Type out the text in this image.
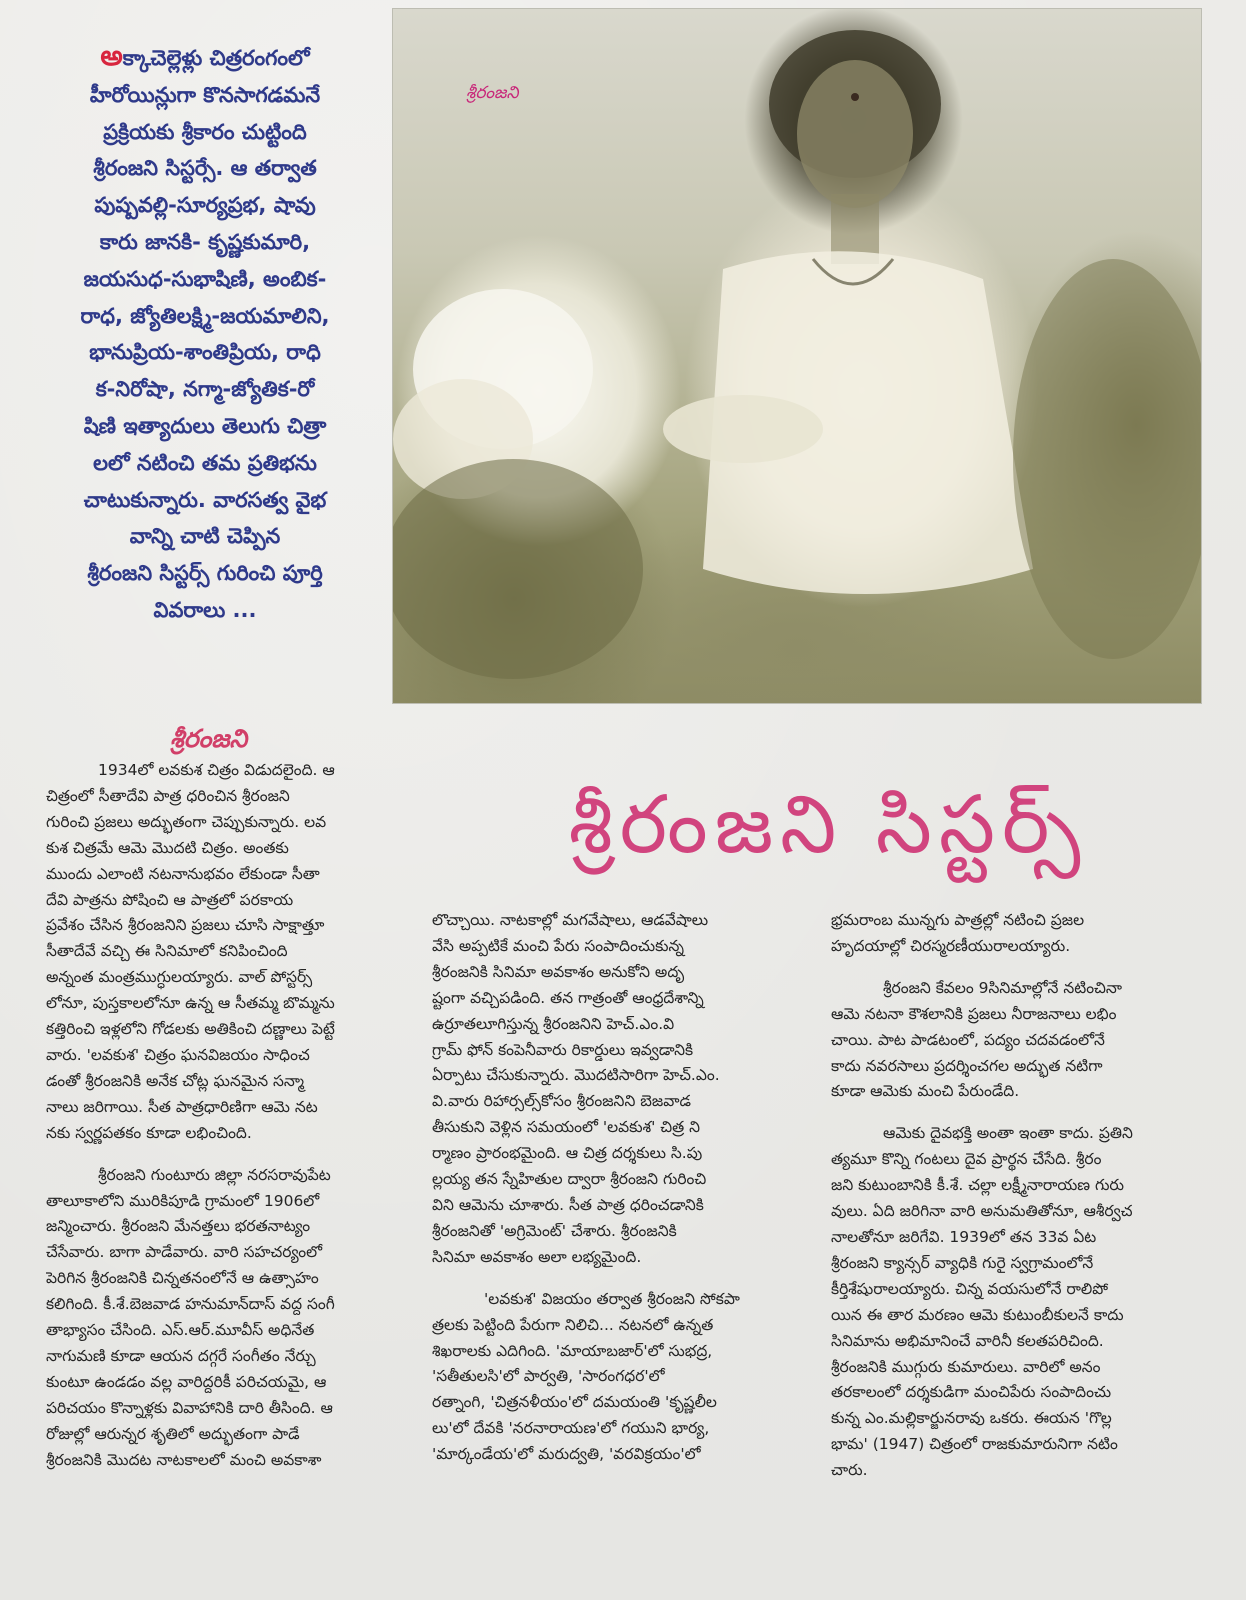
అక్కాచెల్లెళ్లు చిత్రరంగంలో
హీరోయిన్లుగా కొనసాగడమనే
ప్రక్రియకు శ్రీకారం చుట్టింది
శ్రీరంజని సిస్టర్సే. ఆ తర్వాత
పుష్పవల్లి-సూర్యప్రభ, షావు
కారు జానకి- కృష్ణకుమారి,
జయసుధ-సుభాషిణి, అంబిక-
రాధ, జ్యోతిలక్ష్మి-జయమాలిని,
భానుప్రియ-శాంతిప్రియ, రాధి
క-నిరోషా, నగ్మా-జ్యోతిక-రో
షిణి ఇత్యాదులు తెలుగు చిత్రా
లలో నటించి తమ ప్రతిభను
చాటుకున్నారు. వారసత్వ వైభ
వాన్ని చాటి చెప్పిన
శ్రీరంజని సిస్టర్స్ గురించి పూర్తి
వివరాలు ...
శ్రీరంజని
శ్రీరంజని
శ్రీరంజని సిస్టర్స్
1934లో లవకుశ చిత్రం విడుదలైంది. ఆ
చిత్రంలో సీతాదేవి పాత్ర ధరించిన శ్రీరంజని
గురించి ప్రజలు అద్భుతంగా చెప్పుకున్నారు. లవ
కుశ చిత్రమే ఆమె మొదటి చిత్రం. అంతకు
ముందు ఎలాంటి నటనానుభవం లేకుండా సీతా
దేవి పాత్రను పోషించి ఆ పాత్రలో పరకాయ
ప్రవేశం చేసిన శ్రీరంజనిని ప్రజలు చూసి సాక్షాత్తూ
సీతాదేవే వచ్చి ఈ సినిమాలో కనిపించింది
అన్నంత మంత్రముగ్ధులయ్యారు. వాల్ పోస్టర్స్
లోనూ, పుస్తకాలలోనూ ఉన్న ఆ సీతమ్మ బొమ్మను
కత్తిరించి ఇళ్లలోని గోడలకు అతికించి దణ్ణాలు పెట్టే
వారు. 'లవకుశ' చిత్రం ఘనవిజయం సాధించ
డంతో శ్రీరంజనికి అనేక చోట్ల ఘనమైన సన్మా
నాలు జరిగాయి. సీత పాత్రధారిణిగా ఆమె నట
నకు స్వర్ణపతకం కూడా లభించింది.
శ్రీరంజని గుంటూరు జిల్లా నరసరావుపేట
తాలూకాలోని మురికిపూడి గ్రామంలో 1906లో
జన్మించారు. శ్రీరంజని మేనత్తలు భరతనాట్యం
చేసేవారు. బాగా పాడేవారు. వారి సహచర్యంలో
పెరిగిన శ్రీరంజనికి చిన్నతనంలోనే ఆ ఉత్సాహం
కలిగింది. కీ.శే.బెజవాడ హనుమాన్‌దాస్ వద్ద సంగీ
తాభ్యాసం చేసింది. ఎస్.ఆర్.మూవీస్ అధినేత
నాగుమణి కూడా ఆయన దగ్గరే సంగీతం నేర్చు
కుంటూ ఉండడం వల్ల వారిద్దరికీ పరిచయమై, ఆ
పరిచయం కొన్నాళ్లకు వివాహానికి దారి తీసింది. ఆ
రోజుల్లో ఆరున్నర శృతిలో అద్భుతంగా పాడే
శ్రీరంజనికి మొదట నాటకాలలో మంచి అవకాశా
లొచ్చాయి. నాటకాల్లో మగవేషాలు, ఆడవేషాలు
వేసి అప్పటికే మంచి పేరు సంపాదించుకున్న
శ్రీరంజనికి సినిమా అవకాశం అనుకోని అదృ
ష్టంగా వచ్చిపడింది. తన గాత్రంతో ఆంధ్రదేశాన్ని
ఉర్రూతలూగిస్తున్న శ్రీరంజనిని హెచ్.ఎం.వి
గ్రామ్ ఫోన్ కంపెనీవారు రికార్డులు ఇవ్వడానికి
ఏర్పాటు చేసుకున్నారు. మొదటిసారిగా హెచ్.ఎం.
వి.వారు రిహార్సల్స్‌కోసం శ్రీరంజనిని బెజవాడ
తీసుకుని వెళ్లిన సమయంలో 'లవకుశ' చిత్ర ని
ర్మాణం ప్రారంభమైంది. ఆ చిత్ర దర్శకులు సి.పు
ల్లయ్య తన స్నేహితుల ద్వారా శ్రీరంజని గురించి
విని ఆమెను చూశారు. సీత పాత్ర ధరించడానికి
శ్రీరంజనితో 'అగ్రిమెంట్' చేశారు. శ్రీరంజనికి
సినిమా అవకాశం అలా లభ్యమైంది.
'లవకుశ' విజయం తర్వాత శ్రీరంజని సోకపా
త్రలకు పెట్టింది పేరుగా నిలిచి... నటనలో ఉన్నత
శిఖరాలకు ఎదిగింది. 'మాయాబజార్'లో సుభద్ర,
'సతీతులసి'లో పార్వతి, 'సారంగధర'లో
రత్నాంగి, 'చిత్రనళీయం'లో దమయంతి 'కృష్ణలీల
లు'లో దేవకి 'నరనారాయణ'లో గయుని భార్య,
'మార్కండేయ'లో మరుద్వతి, 'వరవిక్రయం'లో
భ్రమరాంబ మున్నగు పాత్రల్లో నటించి ప్రజల
హృదయాల్లో చిరస్మరణీయురాలయ్యారు.
శ్రీరంజని కేవలం 9సినిమాల్లోనే నటించినా
ఆమె నటనా కౌశలానికి ప్రజలు నీరాజనాలు లభిం
చాయి. పాట పాడటంలో, పద్యం చదవడంలోనే
కాదు నవరసాలు ప్రదర్శించగల అద్భుత నటిగా
కూడా ఆమెకు మంచి పేరుండేది.
ఆమెకు దైవభక్తి అంతా ఇంతా కాదు. ప్రతిని
త్యమూ కొన్ని గంటలు దైవ ప్రార్థన చేసేది. శ్రీరం
జని కుటుంబానికి కీ.శే. చల్లా లక్ష్మీనారాయణ గురు
వులు. ఏది జరిగినా వారి అనుమతితోనూ, ఆశీర్వచ
నాలతోనూ జరిగేవి. 1939లో తన 33వ ఏట
శ్రీరంజని క్యాన్సర్ వ్యాధికి గురై స్వగ్రామంలోనే
కీర్తిశేషురాలయ్యారు. చిన్న వయసులోనే రాలిపో
యిన ఈ తార మరణం ఆమె కుటుంబీకులనే కాదు
సినిమాను అభిమానించే వారినీ కలతపరిచింది.
శ్రీరంజనికి ముగ్గురు కుమారులు. వారిలో అనం
తరకాలంలో దర్శకుడిగా మంచిపేరు సంపాదించు
కున్న ఎం.మల్లికార్జునరావు ఒకరు. ఈయన 'గొల్ల
భామ' (1947) చిత్రంలో రాజకుమారునిగా నటిం
చారు.
